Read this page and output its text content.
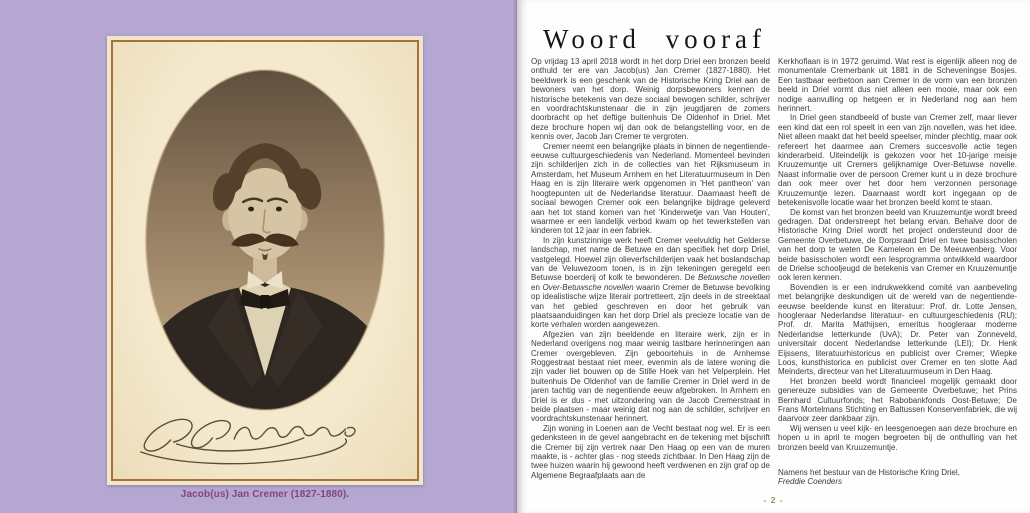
Jacob(us) Jan Cremer (1827-1880).
Woord vooraf

Op vrijdag 13 april 2018 wordt in het dorp Driel een bronzen beeld onthuld ter ere van Jacob(us) Jan Cremer (1827-1880). Het beeldwerk is een geschenk van de Historische Kring Driel aan de bewoners van het dorp. Weinig dorpsbewoners kennen de historische betekenis van deze sociaal bewogen schilder, schrijver en voordrachtskunstenaar die in zijn jeugdjaren de zomers doorbracht op het deftige buitenhuis De Oldenhof in Driel. Met deze brochure hopen wij dan ook de belangstelling voor, en de kennis over, Jacob Jan Cremer te vergroten.

Cremer neemt een belangrijke plaats in binnen de negentiende-eeuwse cultuurgeschiedenis van Nederland. Momenteel bevinden zijn schilderijen zich in de collecties van het Rijksmuseum in Amsterdam, het Museum Arnhem en het Literatuurmuseum in Den Haag en is zijn literaire werk opgenomen in 'Het pantheon' van hoogtepunten uit de Nederlandse literatuur. Daarnaast heeft de sociaal bewogen Cremer ook een belangrijke bijdrage geleverd aan het tot stand komen van het 'Kinderwetje van Van Houten', waarmee er een landelijk verbod kwam op het tewerkstellen van kinderen tot 12 jaar in een fabriek.

In zijn kunstzinnige werk heeft Cremer veelvuldig het Gelderse landschap, met name de Betuwe en dan specifiek het dorp Driel, vastgelegd. Hoewel zijn olieverfschilderijen vaak het boslandschap van de Veluwezoom tonen, is in zijn tekeningen geregeld een Betuwse boerderij of kolk te bewonderen. De Betuwsche novellen en Over-Betuwsche novellen waarin Cremer de Betuwse bevolking op idealistische wijze literair portretteert, zijn deels in de streektaal van het gebied geschreven en door het gebruik van plaatsaanduidingen kan het dorp Driel als precieze locatie van de korte verhalen worden aangewezen.

Afgezien van zijn beeldende en literaire werk, zijn er in Nederland overigens nog maar weinig tastbare herinneringen aan Cremer overgebleven. Zijn geboortehuis in de Arnhemse Roggestraat bestaat niet meer, evenmin als de latere woning die zijn vader liet bouwen op de Stille Hoek van het Velperplein. Het buitenhuis De Oldenhof van de familie Cremer in Driel werd in de jaren tachtig van de negentiende eeuw afgebroken. In Arnhem en Driel is er dus - met uitzondering van de Jacob Cremerstraat in beide plaatsen - maar weinig dat nog aan de schilder, schrijver en voordrachtskunstenaar herinnert.

Zijn woning in Loenen aan de Vecht bestaat nog wel. Er is een gedenksteen in de gevel aangebracht en de tekening met bijschrift die Cremer bij zijn vertrek naar Den Haag op een van de muren maakte, is - achter glas - nog steeds zichtbaar. In Den Haag zijn de twee huizen waarin hij gewoond heeft verdwenen en zijn graf op de Algemene Begraafplaats aan de

Kerkhoflaan is in 1972 geruimd. Wat rest is eigenlijk alleen nog de monumentale Cremerbank uit 1881 in de Scheveningse Bosjes. Een tastbaar eerbetoon aan Cremer in de vorm van een bronzen beeld in Driel vormt dus niet alleen een mooie, maar ook een nodige aanvulling op hetgeen er in Nederland nog aan hem herinnert.

In Driel geen standbeeld of buste van Cremer zelf, maar liever een kind dat een rol speelt in een van zijn novellen, was het idee. Niet alleen maakt dat het beeld speelser, minder plechtig, maar ook refereert het daarmee aan Cremers succesvolle actie tegen kinderarbeid. Uiteindelijk is gekozen voor het 10-jarige meisje Kruuzemuntje uit Cremers gelijknamige Over-Betuwse novelle. Naast informatie over de persoon Cremer kunt u in deze brochure dan ook meer over het door hem verzonnen personage Kruuzemuntje lezen. Daarnaast wordt kort ingegaan op de betekenisvolle locatie waar het bronzen beeld komt te staan.

De komst van het bronzen beeld van Kruuzemuntje wordt breed gedragen. Dat onderstreept het belang ervan. Behalve door de Historische Kring Driel wordt het project ondersteund door de Gemeente Overbetuwe, de Dorpsraad Driel en twee basisscholen van het dorp te weten De Kameleon en De Meeuwenberg. Voor beide basisscholen wordt een lesprogramma ontwikkeld waardoor de Drielse schooljeugd de betekenis van Cremer en Kruuzemuntje ook leren kennen.

Bovendien is er een indrukwekkend comité van aanbeveling met belangrijke deskundigen uit de wereld van de negentiende-eeuwse beeldende kunst en literatuur: Prof. dr. Lotte Jensen, hoogleraar Nederlandse literatuur- en cultuurgeschiedenis (RU); Prof. dr. Marita Mathijsen, emeritus hoogleraar moderne Nederlandse letterkunde (UvA); Dr. Peter van Zonneveld, universitair docent Nederlandse letterkunde (LEI); Dr. Henk Eijssens, literatuurhistoricus en publicist over Cremer; Wiepke Loos, kunsthistorica en publicist over Cremer en ten slotte Aad Meinderts, directeur van het Literatuurmuseum in Den Haag.

Het bronzen beeld wordt financieel mogelijk gemaakt door genereuze subsidies van de Gemeente Overbetuwe; het Prins Bernhard Cultuurfonds; het Rabobankfonds Oost-Betuwe; De Frans Mortelmans Stichting en Baltussen Konservenfabriek, die wij daarvoor zeer dankbaar zijn.

Wij wensen u veel kijk- en leesgenoegen aan deze brochure en hopen u in april te mogen begroeten bij de onthulling van het bronzen beeld van Kruuzemuntje.

Namens het bestuur van de Historische Kring Driel,
Freddie Coenders
- 2 -
